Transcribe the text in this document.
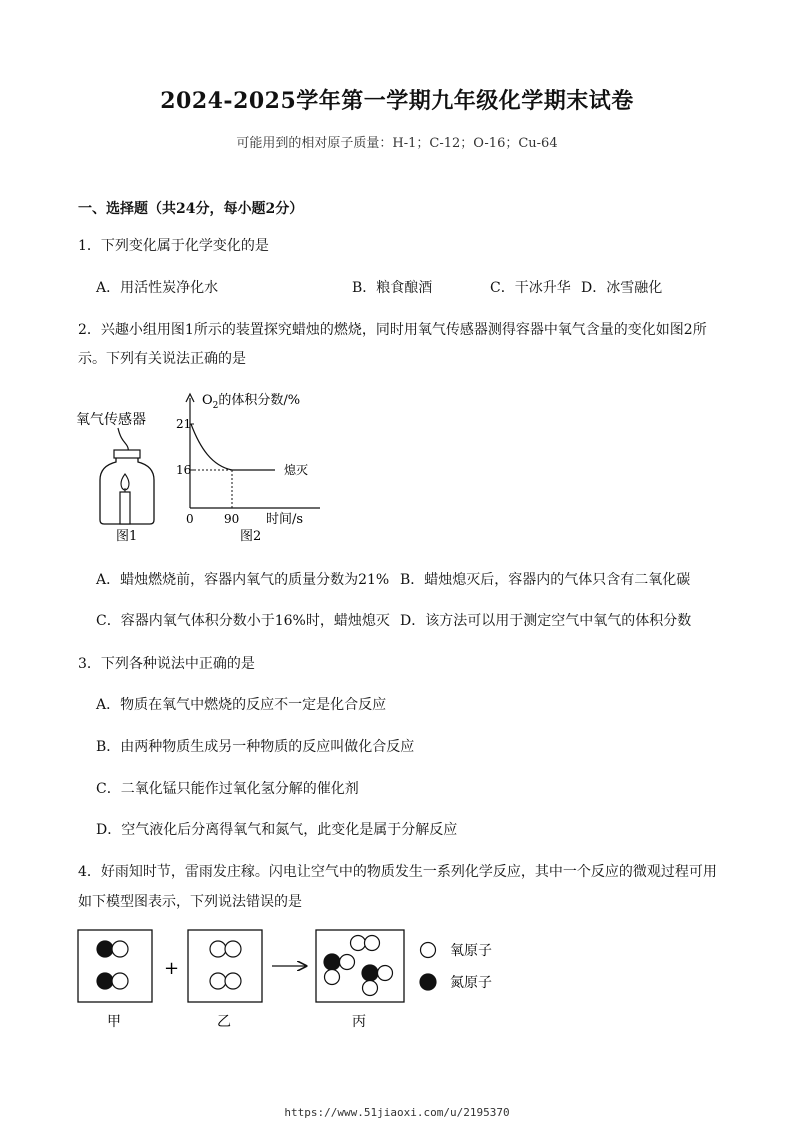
2024-2025学年第一学期九年级化学期末试卷
可能用到的相对原子质量：H-1；C-12；O-16；Cu-64
一、选择题（共24分，每小题2分）
1．下列变化属于化学变化的是
A．用活性炭净化水	B．粮食酿酒	C．干冰升华 D．冰雪融化
2．兴趣小组用图1所示的装置探究蜡烛的燃烧，同时用氧气传感器测得容器中氧气含量的变化如图2所
示。下列有关说法正确的是
氧气传感器
图1
$O_2$的体积分数/%
21
16	熄灭
0	90 时间/s
图2
A．蜡烛燃烧前，容器内氧气的质量分数为21% B．蜡烛熄灭后，容器内的气体只含有二氧化碳
C．容器内氧气体积分数小于16%时，蜡烛熄灭 D．该方法可以用于测定空气中氧气的体积分数
3．下列各种说法中正确的是
A．物质在氧气中燃烧的反应不一定是化合反应
B．由两种物质生成另一种物质的反应叫做化合反应
C．二氧化锰只能作过氧化氢分解的催化剂
D．空气液化后分离得氧气和氮气，此变化是属于分解反应
4．好雨知时节，雷雨发庄稼。闪电让空气中的物质发生一系列化学反应，其中一个反应的微观过程可用
如下模型图表示，下列说法错误的是
甲
+
乙	丙
氧原子
氮原子
https://www.51jiaoxi.com/u/2195370
